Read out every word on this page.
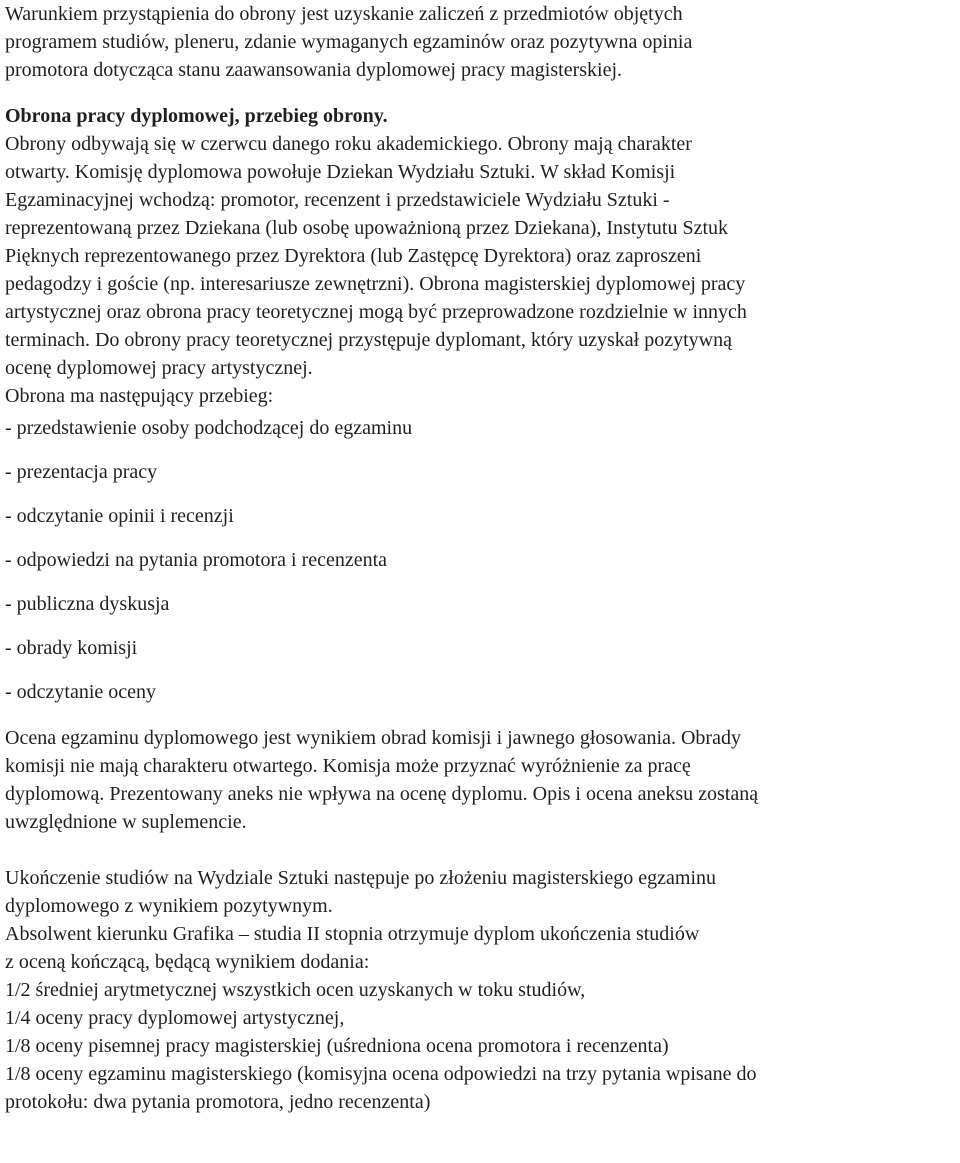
Warunkiem przystąpienia do obrony jest uzyskanie zaliczeń z przedmiotów objętych
programem studiów, pleneru, zdanie wymaganych egzaminów oraz pozytywna opinia
promotora dotycząca stanu zaawansowania dyplomowej pracy magisterskiej.
Obrona pracy dyplomowej, przebieg obrony.
Obrony odbywają się w czerwcu danego roku akademickiego. Obrony mają charakter
otwarty. Komisję dyplomowa powołuje Dziekan Wydziału Sztuki. W skład Komisji
Egzaminacyjnej wchodzą: promotor, recenzent i przedstawiciele Wydziału Sztuki -
reprezentowaną przez Dziekana (lub osobę upoważnioną przez Dziekana), Instytutu Sztuk
Pięknych reprezentowanego przez Dyrektora (lub Zastępcę Dyrektora) oraz zaproszeni
pedagodzy i goście (np. interesariusze zewnętrzni). Obrona magisterskiej dyplomowej pracy
artystycznej oraz obrona pracy teoretycznej mogą być przeprowadzone rozdzielnie w innych
terminach. Do obrony pracy teoretycznej przystępuje dyplomant, który uzyskał pozytywną
ocenę dyplomowej pracy artystycznej.
Obrona ma następujący przebieg:
- przedstawienie osoby podchodzącej do egzaminu
- prezentacja pracy
- odczytanie opinii i recenzji
- odpowiedzi na pytania promotora i recenzenta
- publiczna dyskusja
- obrady komisji
- odczytanie oceny
Ocena egzaminu dyplomowego jest wynikiem obrad komisji i jawnego głosowania. Obrady
komisji nie mają charakteru otwartego. Komisja może przyznać wyróżnienie za pracę
dyplomową. Prezentowany aneks nie wpływa na ocenę dyplomu. Opis i ocena aneksu zostaną
uwzględnione w suplemencie.
Ukończenie studiów na Wydziale Sztuki następuje po złożeniu magisterskiego egzaminu
dyplomowego z wynikiem pozytywnym.
Absolwent kierunku Grafika – studia II stopnia otrzymuje dyplom ukończenia studiów
z oceną kończącą, będącą wynikiem dodania:
1/2 średniej arytmetycznej wszystkich ocen uzyskanych w toku studiów,
1/4 oceny pracy dyplomowej artystycznej,
1/8 oceny pisemnej pracy magisterskiej (uśredniona ocena promotora i recenzenta)
1/8 oceny egzaminu magisterskiego (komisyjna ocena odpowiedzi na trzy pytania wpisane do
protokołu: dwa pytania promotora, jedno recenzenta)
